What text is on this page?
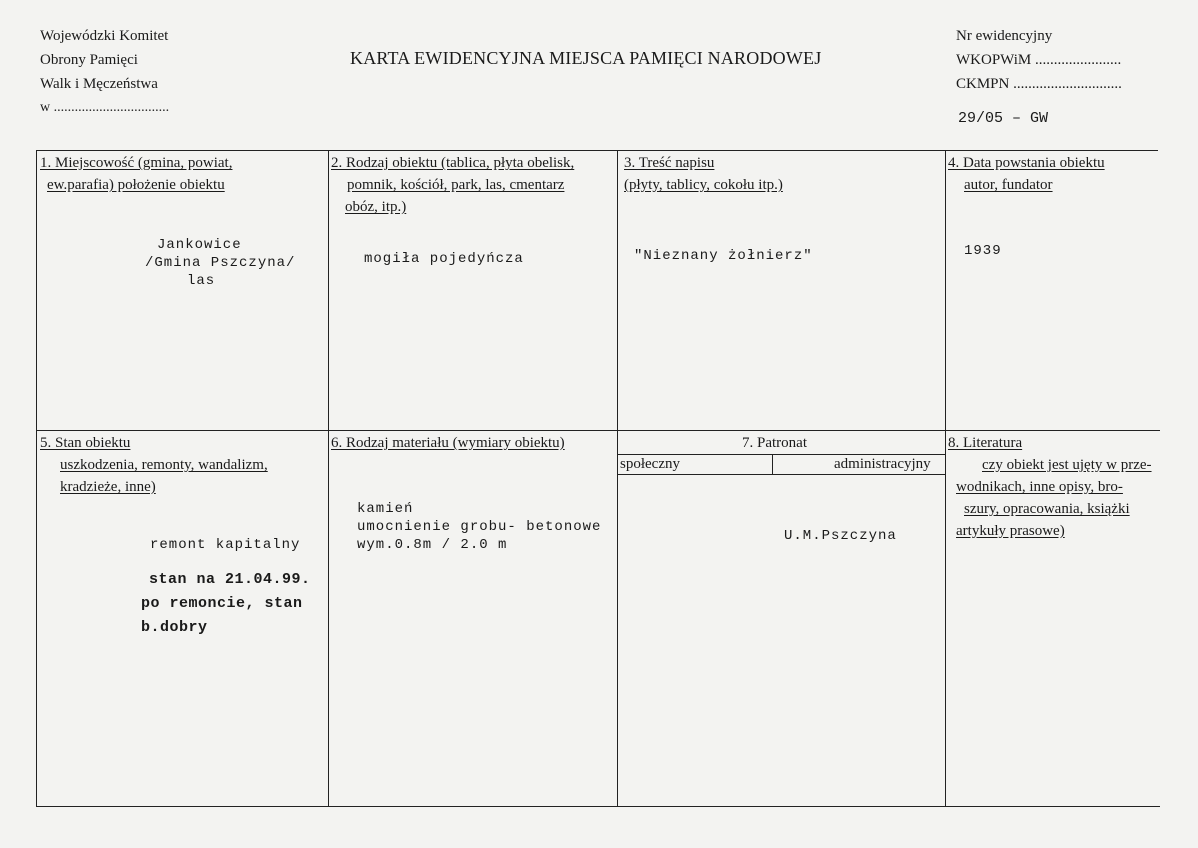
Wojewódzki Komitet
Obrony Pamięci
Walk i Męczeństwa
w .................................
KARTA EWIDENCYJNA MIEJSCA PAMIĘCI NARODOWEJ
Nr ewidencyjny
WKOPWiM .......................
CKMPN .............................
29/05 – GW
1. Miejscowość (gmina, powiat,
ew.parafia) położenie obiektu
Jankowice
/Gmina Pszczyna/
las
2. Rodzaj obiektu (tablica, płyta obelisk,
pomnik, kościół, park, las, cmentarz
obóz, itp.)
mogiła pojedyńcza
3. Treść napisu
(płyty, tablicy, cokołu itp.)
"Nieznany żołnierz"
4. Data powstania obiektu
autor, fundator
1939
5. Stan obiektu
uszkodzenia, remonty, wandalizm,
kradzieże, inne)
remont kapitalny
stan na 21.04.99.
po remoncie, stan
b.dobry
6. Rodzaj materiału (wymiary obiektu)
kamień
umocnienie grobu- betonowe
wym.0.8m / 2.0 m
7. Patronat
społeczny	administracyjny
U.M.Pszczyna
8. Literatura
czy obiekt jest ujęty w prze-
wodnikach, inne opisy, bro-
szury, opracowania, książki
artykuły prasowe)
